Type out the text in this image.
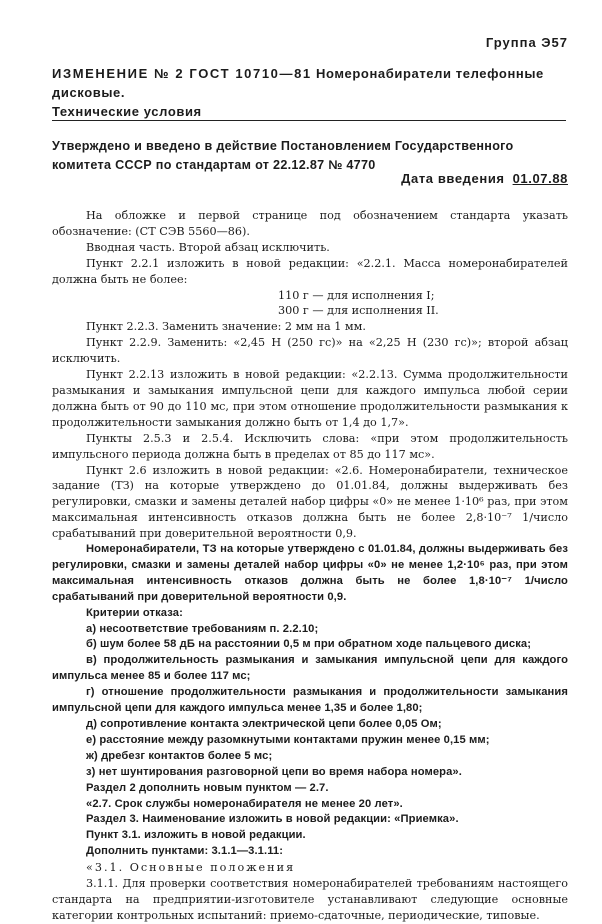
Группа Э57
ИЗМЕНЕНИЕ № 2 ГОСТ 10710—81 Номеронабиратели телефонные дисковые.
Технические условия
Утверждено и введено в действие Постановлением Государственного комитета СССР по стандартам от 22.12.87 № 4770
Дата введения 01.07.88

На обложке и первой странице под обозначением стандарта указать обозначение: (СТ СЭВ 5560—86).

Вводная часть. Второй абзац исключить.

Пункт 2.2.1 изложить в новой редакции: «2.2.1. Масса номеронабирателей должна быть не более:

110 г — для исполнения I;

300 г — для исполнения II.

Пункт 2.2.3. Заменить значение: 2 мм на 1 мм.

Пункт 2.2.9. Заменить: «2,45 Н (250 гс)» на «2,25 Н (230 гс)»; второй абзац исключить.

Пункт 2.2.13 изложить в новой редакции: «2.2.13. Сумма продолжительности размыкания и замыкания импульсной цепи для каждого импульса любой серии должна быть от 90 до 110 мс, при этом отношение продолжительности размыкания к продолжительности замыкания должно быть от 1,4 до 1,7».

Пункты 2.5.3 и 2.5.4. Исключить слова: «при этом продолжительность импульсного периода должна быть в пределах от 85 до 117 мс».

Пункт 2.6 изложить в новой редакции: «2.6. Номеронабиратели, техническое задание (ТЗ) на которые утверждено до 01.01.84, должны выдерживать без регулировки, смазки и замены деталей набор цифры «0» не менее 1·10⁶ раз, при этом максимальная интенсивность отказов должна быть не более 2,8·10⁻⁷ 1/число срабатываний при доверительной вероятности 0,9.

Номеронабиратели, ТЗ на которые утверждено с 01.01.84, должны выдерживать без регулировки, смазки и замены деталей набор цифры «0» не менее 1,2·10⁶ раз, при этом максимальная интенсивность отказов должна быть не более 1,8·10⁻⁷ 1/число срабатываний при доверительной вероятности 0,9.

Критерии отказа:

а) несоответствие требованиям п. 2.2.10;

б) шум более 58 дБ на расстоянии 0,5 м при обратном ходе пальцевого диска;

в) продолжительность размыкания и замыкания импульсной цепи для каждого импульса менее 85 и более 117 мс;

г) отношение продолжительности размыкания и продолжительности замыкания импульсной цепи для каждого импульса менее 1,35 и более 1,80;

д) сопротивление контакта электрической цепи более 0,05 Ом;

е) расстояние между разомкнутыми контактами пружин менее 0,15 мм;

ж) дребезг контактов более 5 мс;

з) нет шунтирования разговорной цепи во время набора номера».

Раздел 2 дополнить новым пунктом — 2.7.

«2.7. Срок службы номеронабирателя не менее 20 лет».

Раздел 3. Наименование изложить в новой редакции: «Приемка».

Пункт 3.1. изложить в новой редакции.

Дополнить пунктами: 3.1.1—3.1.11:

«3.1. Основные положения

3.1.1. Для проверки соответствия номеронабирателей требованиям настоящего стандарта на предприятии-изготовителе устанавливают следующие основные категории контрольных испытаний: приемо-сдаточные, периодические, типовые.
